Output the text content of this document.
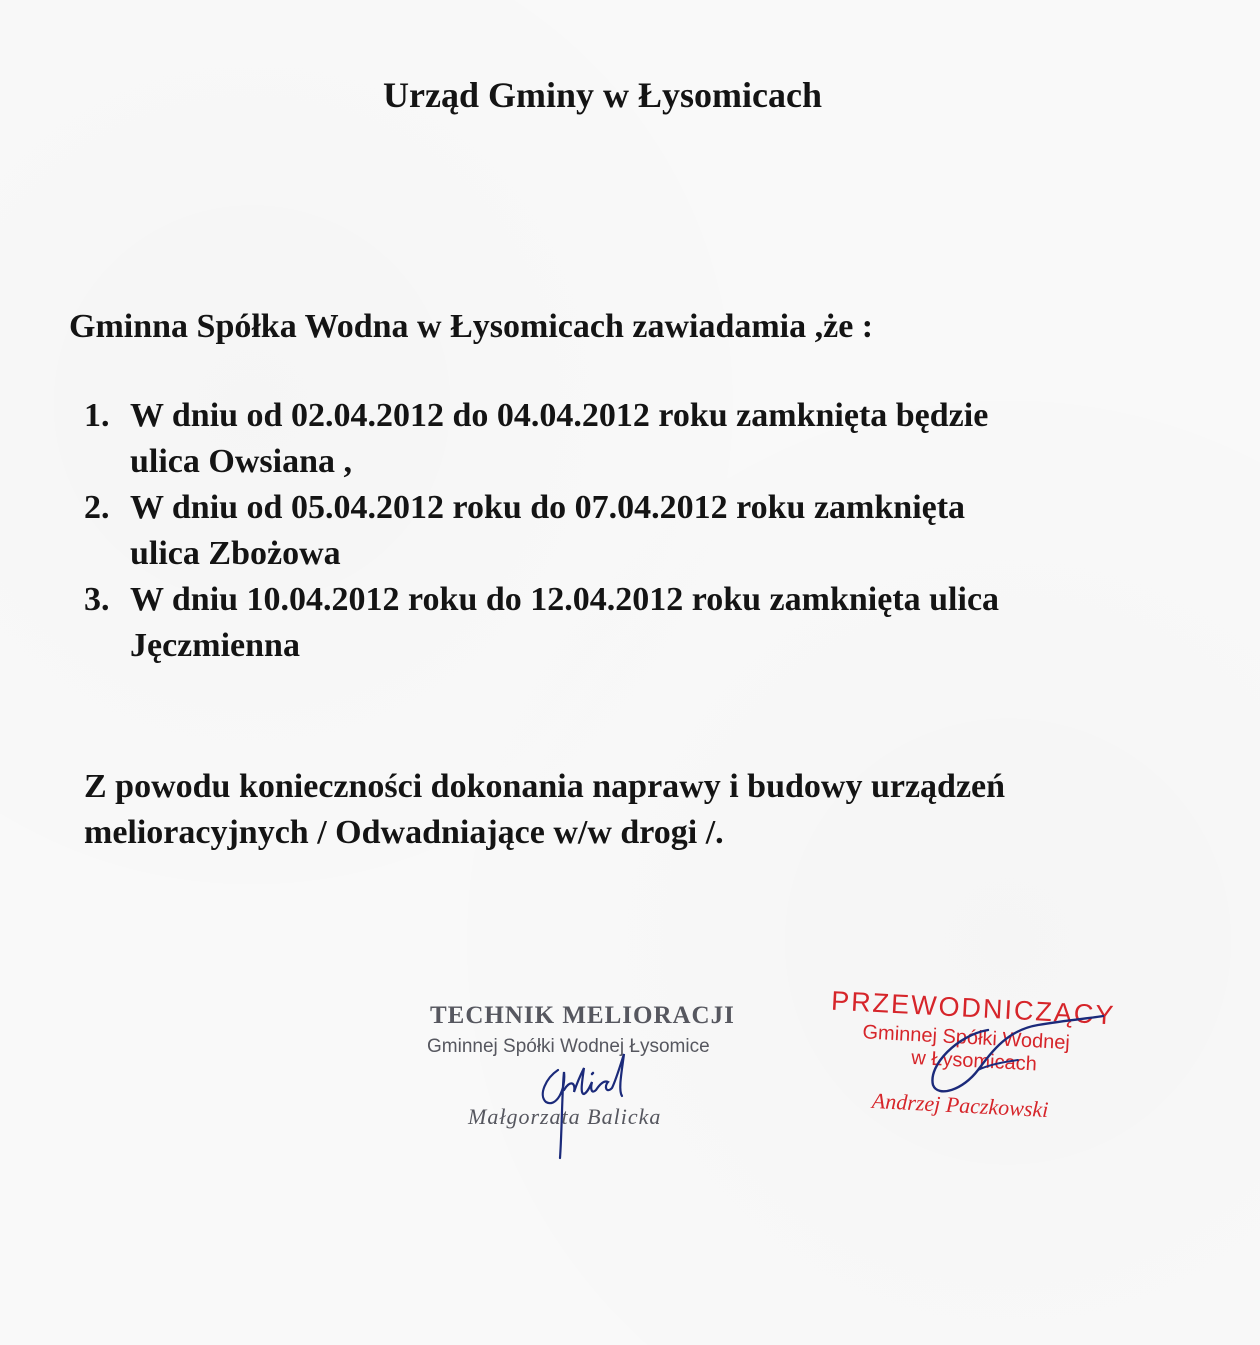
Urząd Gminy w Łysomicach
Gminna Spółka Wodna w Łysomicach zawiadamia ,że :
1. W dniu od 02.04.2012 do 04.04.2012 roku zamknięta będzie
ulica Owsiana ,
2. W dniu od 05.04.2012 roku do 07.04.2012 roku zamknięta
ulica Zbożowa
3. W dniu 10.04.2012 roku do 12.04.2012 roku zamknięta ulica
Jęczmienna
Z powodu konieczności dokonania naprawy i budowy urządzeń
melioracyjnych / Odwadniające w/w drogi /.
TECHNIK MELIORACJI
Gminnej Spółki Wodnej Łysomice
Małgorzata Balicka
PRZEWODNICZĄCY
Gminnej Spółki Wodnej
w Łysomicach
Andrzej Paczkowski
